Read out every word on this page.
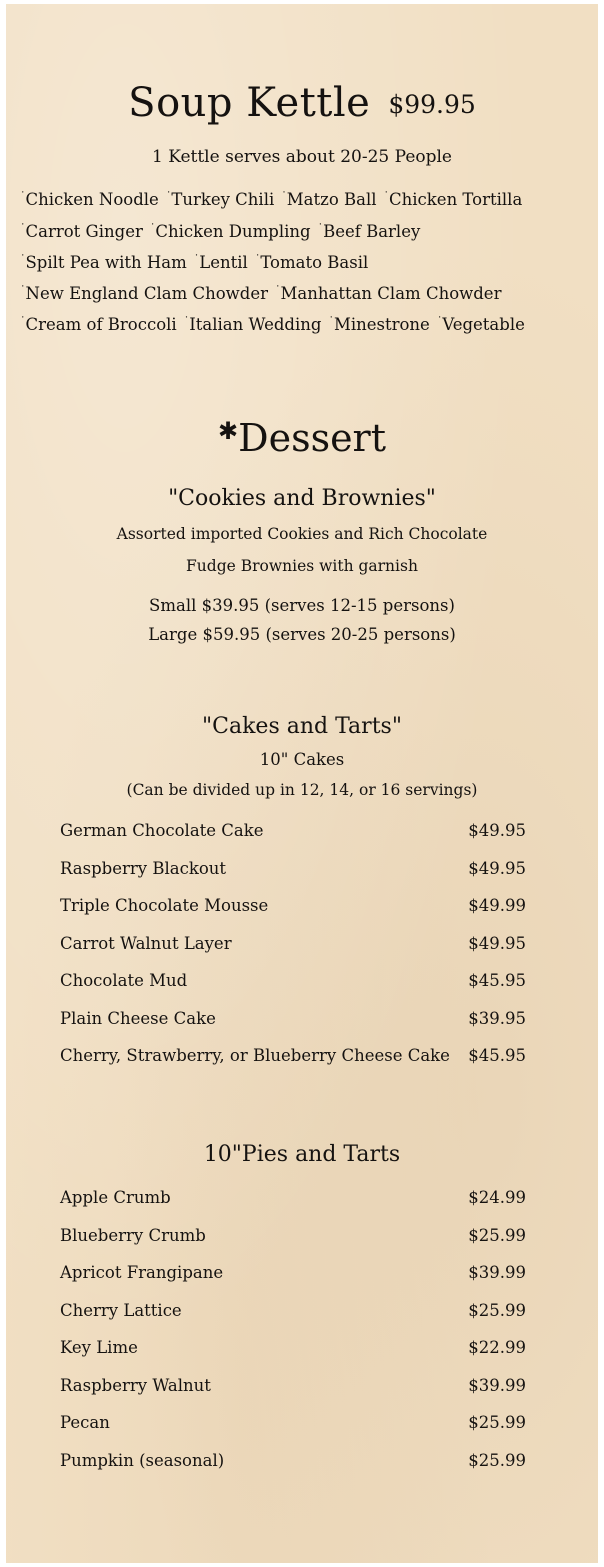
Soup Kettle $99.95
1 Kettle serves about 20-25 People
˙Chicken Noodle ˙Turkey Chili ˙Matzo Ball ˙Chicken Tortilla
˙Carrot Ginger ˙Chicken Dumpling ˙Beef Barley
˙Spilt Pea with Ham ˙Lentil ˙Tomato Basil
˙New England Clam Chowder ˙Manhattan Clam Chowder
˙Cream of Broccoli ˙Italian Wedding ˙Minestrone ˙Vegetable
✱Dessert
"Cookies and Brownies"
Assorted imported Cookies and Rich Chocolate
Fudge Brownies with garnish
Small $39.95 (serves 12-15 persons)
Large $59.95 (serves 20-25 persons)
"Cakes and Tarts"
10" Cakes
(Can be divided up in 12, 14, or 16 servings)
German Chocolate Cake	$49.95
Raspberry Blackout	$49.95
Triple Chocolate Mousse	$49.99
Carrot Walnut Layer	$49.95
Chocolate Mud	$45.95
Plain Cheese Cake	$39.95
Cherry, Strawberry, or Blueberry Cheese Cake $45.95
10"Pies and Tarts
Apple Crumb	$24.99
Blueberry Crumb	$25.99
Apricot Frangipane	$39.99
Cherry Lattice	$25.99
Key Lime	$22.99
Raspberry Walnut	$39.99
Pecan	$25.99
Pumpkin (seasonal)	$25.99
